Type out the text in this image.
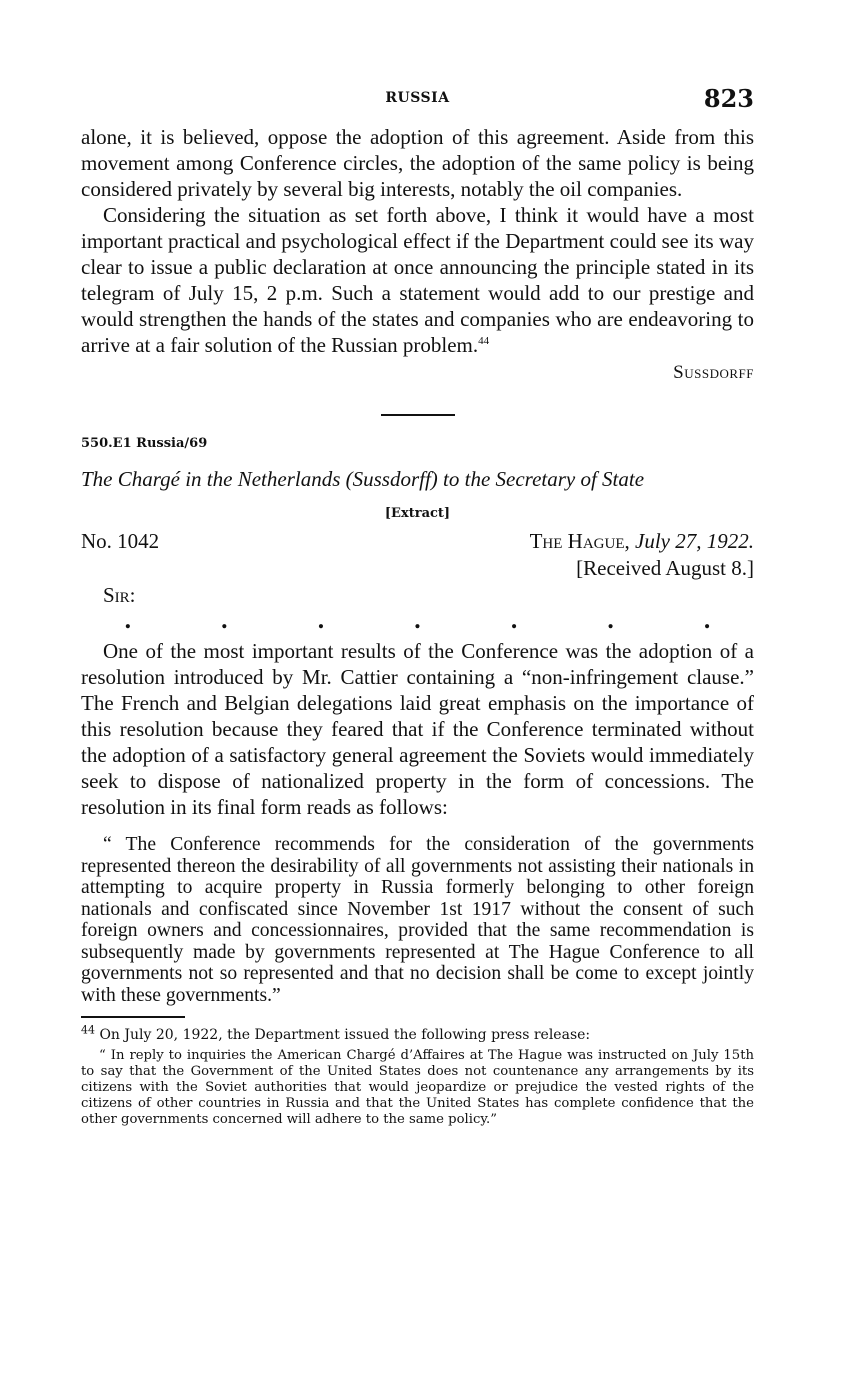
RUSSIA	823

alone, it is believed, oppose the adoption of this agreement. Aside from this movement among Conference circles, the adoption of the same policy is being considered privately by several big interests, notably the oil companies.

Considering the situation as set forth above, I think it would have a most important practical and psychological effect if the Department could see its way clear to issue a public declaration at once announcing the principle stated in its telegram of July 15, 2 p.m. Such a statement would add to our prestige and would strengthen the hands of the states and companies who are endeavoring to arrive at a fair solution of the Russian problem.$^{44}$

Sussdorff
550.E1 Russia/69
The Chargé in the Netherlands (Sussdorff) to the Secretary of State
[Extract]
No. 1042	The Hague, July 27, 1922.
[Received August 8.]
Sir:
.	.	.	.	.	.	.

One of the most important results of the Conference was the adoption of a resolution introduced by Mr. Cattier containing a “non-infringement clause.” The French and Belgian delegations laid great emphasis on the importance of this resolution because they feared that if the Conference terminated without the adoption of a satisfactory general agreement the Soviets would immediately seek to dispose of nationalized property in the form of concessions. The resolution in its final form reads as follows:

“ The Conference recommends for the consideration of the governments represented thereon the desirability of all governments not assisting their nationals in attempting to acquire property in Russia formerly belonging to other foreign nationals and confiscated since November 1st 1917 without the consent of such foreign owners and concessionnaires, provided that the same recommendation is subsequently made by governments represented at The Hague Conference to all governments not so represented and that no decision shall be come to except jointly with these governments.”

$^{44}$ On July 20, 1922, the Department issued the following press release:

“ In reply to inquiries the American Chargé d’Affaires at The Hague was instructed on July 15th to say that the Government of the United States does not countenance any arrangements by its citizens with the Soviet authorities that would jeopardize or prejudice the vested rights of the citizens of other countries in Russia and that the United States has complete confidence that the other governments concerned will adhere to the same policy.”
